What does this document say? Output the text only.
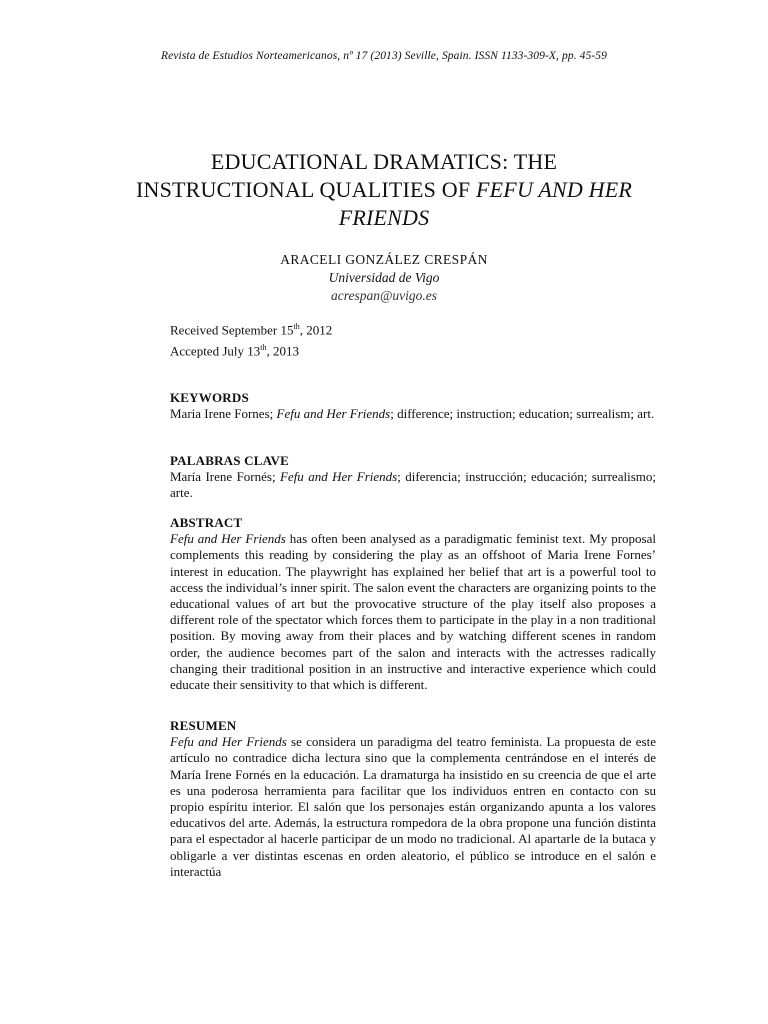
Revista de Estudios Norteamericanos, nº 17 (2013) Seville, Spain. ISSN 1133-309-X, pp. 45-59
EDUCATIONAL DRAMATICS: THE
INSTRUCTIONAL QUALITIES OF FEFU AND HER
FRIENDS
ARACELI GONZÁLEZ CRESPÁN
Universidad de Vigo
acrespan@uvigo.es
Received September 15th, 2012
Accepted July 13th, 2013
KEYWORDS
Maria Irene Fornes; Fefu and Her Friends; difference; instruction; education; surrealism; art.
PALABRAS CLAVE
María Irene Fornés; Fefu and Her Friends; diferencia; instrucción; educación; surrealismo; arte.
ABSTRACT
Fefu and Her Friends has often been analysed as a paradigmatic feminist text. My proposal complements this reading by considering the play as an offshoot of Maria Irene Fornes’ interest in education. The playwright has explained her belief that art is a powerful tool to access the individual’s inner spirit. The salon event the characters are organizing points to the educational values of art but the provocative structure of the play itself also proposes a different role of the spectator which forces them to participate in the play in a non traditional position. By moving away from their places and by watching different scenes in random order, the audience becomes part of the salon and interacts with the actresses radically changing their traditional position in an instructive and interactive experience which could educate their sensitivity to that which is different.
RESUMEN
Fefu and Her Friends se considera un paradigma del teatro feminista. La propuesta de este artículo no contradice dicha lectura sino que la complementa centrándose en el interés de María Irene Fornés en la educación. La dramaturga ha insistido en su creencia de que el arte es una poderosa herramienta para facilitar que los individuos entren en contacto con su propio espíritu interior. El salón que los personajes están organizando apunta a los valores educativos del arte. Además, la estructura rompedora de la obra propone una función distinta para el espectador al hacerle participar de un modo no tradicional. Al apartarle de la butaca y obligarle a ver distintas escenas en orden aleatorio, el público se introduce en el salón e interactúa
